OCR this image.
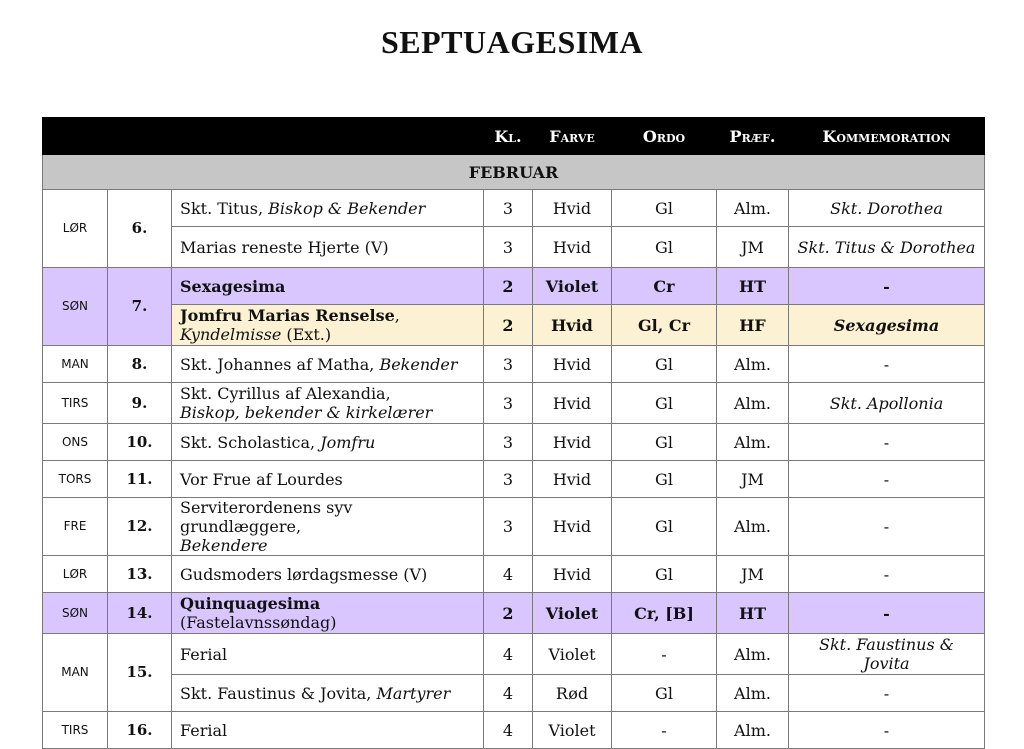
SEPTUAGESIMA
			Kl.	Farve	Ordo	Præf.	Kommemoration
FEBRUAR							
LØR	6.	Skt. Titus, Biskop & Bekender	3	Hvid	Gl	Alm.	Skt. Dorothea
		Marias reneste Hjerte (V)	3	Hvid	Gl	JM	Skt. Titus & Dorothea
SØN	7.	Sexagesima	2	Violet	Cr	HT	-
		Jomfru Marias Renselse,
Kyndelmisse (Ext.)	2	Hvid	Gl, Cr	HF	Sexagesima
MAN	8.	Skt. Johannes af Matha, Bekender	3	Hvid	Gl	Alm.	-
TIRS	9.	Skt. Cyrillus af Alexandia,
Biskop, bekender & kirkelærer	3	Hvid	Gl	Alm.	Skt. Apollonia
ONS	10.	Skt. Scholastica, Jomfru	3	Hvid	Gl	Alm.	-
TORS	11.	Vor Frue af Lourdes	3	Hvid	Gl	JM	-
FRE	12.	Serviterordenens syv grundlæggere,
Bekendere	3	Hvid	Gl	Alm.	-
LØR	13.	Gudsmoders lørdagsmesse (V)	4	Hvid	Gl	JM	-
SØN	14.	Quinquagesima
(Fastelavnssøndag)	2	Violet	Cr, [B]	HT	-
MAN	15.	Ferial	4	Violet	-	Alm.	Skt. Faustinus & Jovita
		Skt. Faustinus & Jovita, Martyrer	4	Rød	Gl	Alm.	-
TIRS	16.	Ferial	4	Violet	-	Alm.	-
